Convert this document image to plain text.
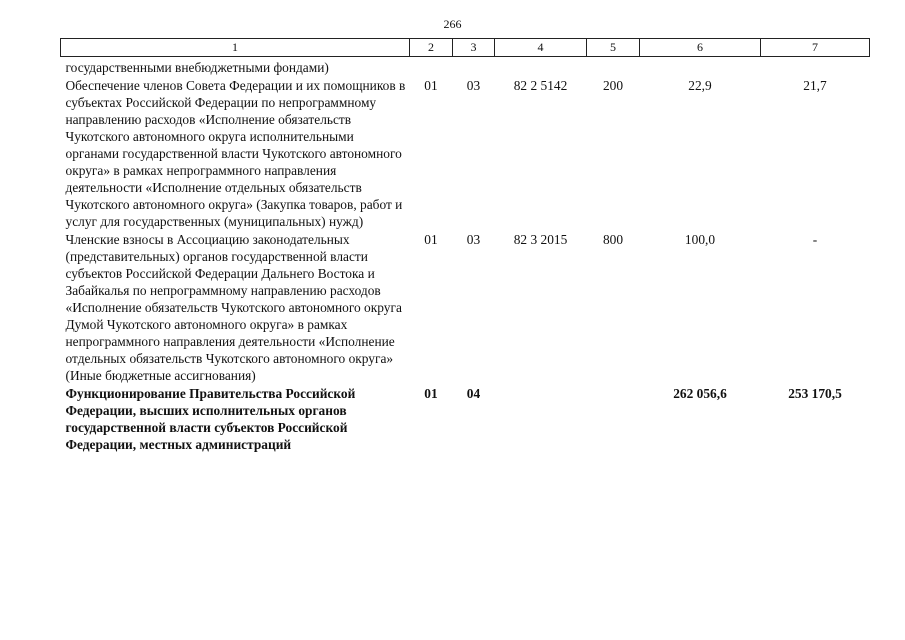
266
1	2	3	4	5	6	7
государственными внебюджетными фондами)						
Обеспечение членов Совета Федерации и их помощников в субъектах Российской Федерации по непрограммному направлению расходов «Исполнение обязательств Чукотского автономного округа исполнительными органами государственной власти Чукотского автономного округа» в рамках непрограммного направления деятельности «Исполнение отдельных обязательств Чукотского автономного округа» (Закупка товаров, работ и услуг для государственных (муниципальных) нужд)	01	03	82 2 5142	200	22,9	21,7
Членские взносы в Ассоциацию законодательных (представительных) органов государственной власти субъектов Российской Федерации Дальнего Востока и Забайкалья по непрограммному направлению расходов «Исполнение обязательств Чукотского автономного округа Думой Чукотского автономного округа» в рамках непрограммного направления деятельности «Исполнение отдельных обязательств Чукотского автономного округа» (Иные бюджетные ассигнования)	01	03	82 3 2015	800	100,0	-
Функционирование Правительства Российской Федерации, высших исполнительных органов государственной власти субъектов Российской Федерации, местных администраций	01	04			262 056,6	253 170,5
